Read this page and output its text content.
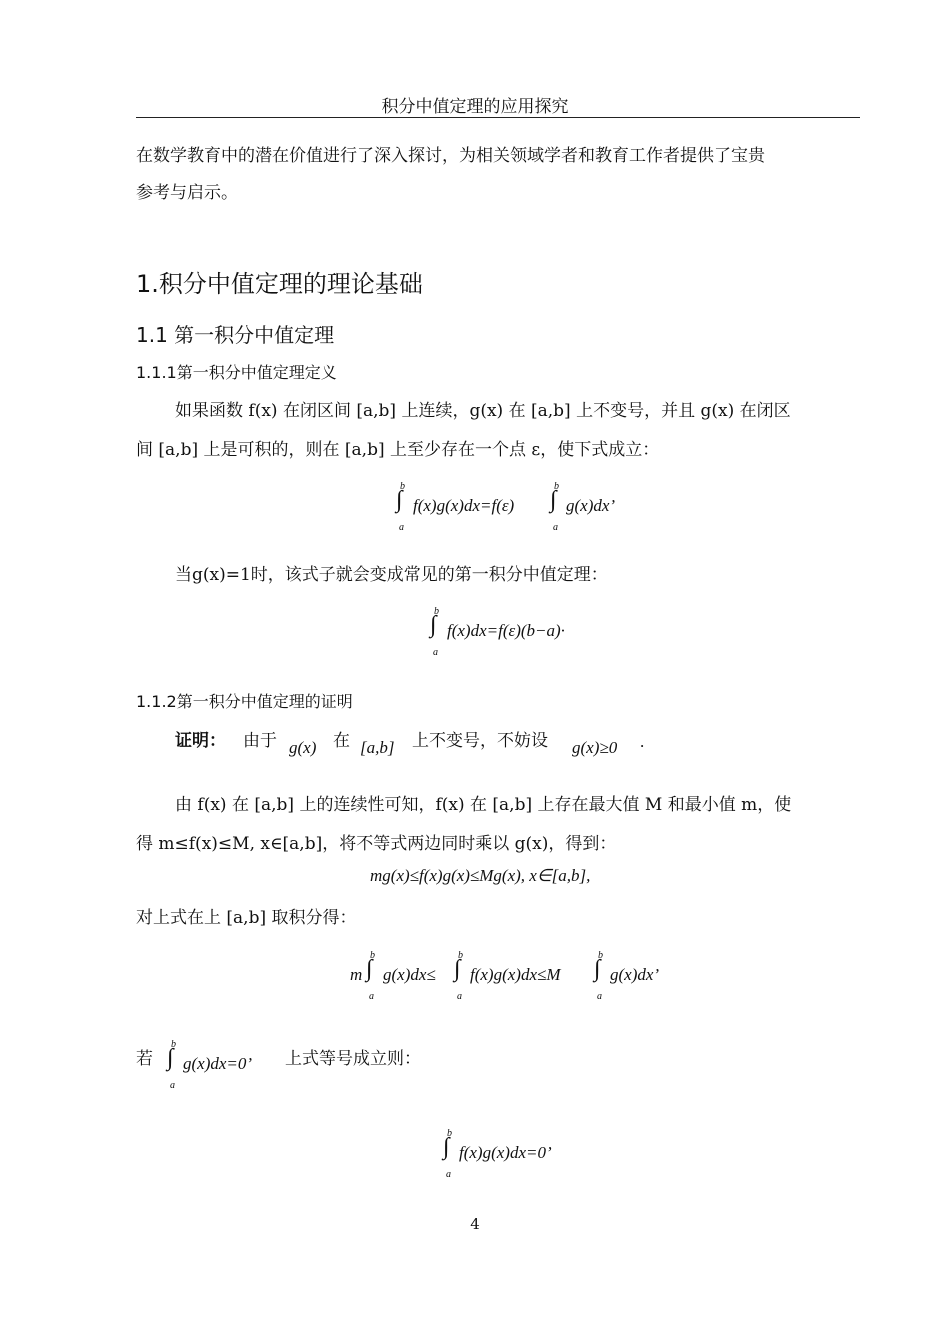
积分中值定理的应用探究
在数学教育中的潜在价值进行了深入探讨，为相关领域学者和教育工作者提供了宝贵
参考与启示。
1.积分中值定理的理论基础
1.1 第一积分中值定理
1.1.1第一积分中值定理定义
如果函数 f(x) 在闭区间 [a,b] 上连续，g(x) 在 [a,b] 上不变号，并且 g(x) 在闭区
间 [a,b] 上是可积的，则在 [a,b] 上至少存在一个点 ε，使下式成立：
b
∫
a
f(x)g(x)dx=f(ε)
b
∫
a
g(x)dx’
当g(x)=1时，该式子就会变成常见的第一积分中值定理：
b
∫
a
f(x)dx=f(ε)(b−a)·
1.1.2第一积分中值定理的证明
证明： 由于 g(x) 在 [a,b] 上不变号，不妨设 g(x)≥0 .
由 f(x) 在 [a,b] 上的连续性可知，f(x) 在 [a,b] 上存在最大值 M 和最小值 m，使
得 m≤f(x)≤M, x∈[a,b]，将不等式两边同时乘以 g(x)，得到：
mg(x)≤f(x)g(x)≤Mg(x), x∈[a,b],
对上式在上 [a,b] 取积分得：
m
b
∫
a
g(x)dx≤
b
∫
a
f(x)g(x)dx≤M
b
∫
a
g(x)dx’
若
b
∫
a
g(x)dx=0’ 上式等号成立则：
b
∫
a
f(x)g(x)dx=0’
4
